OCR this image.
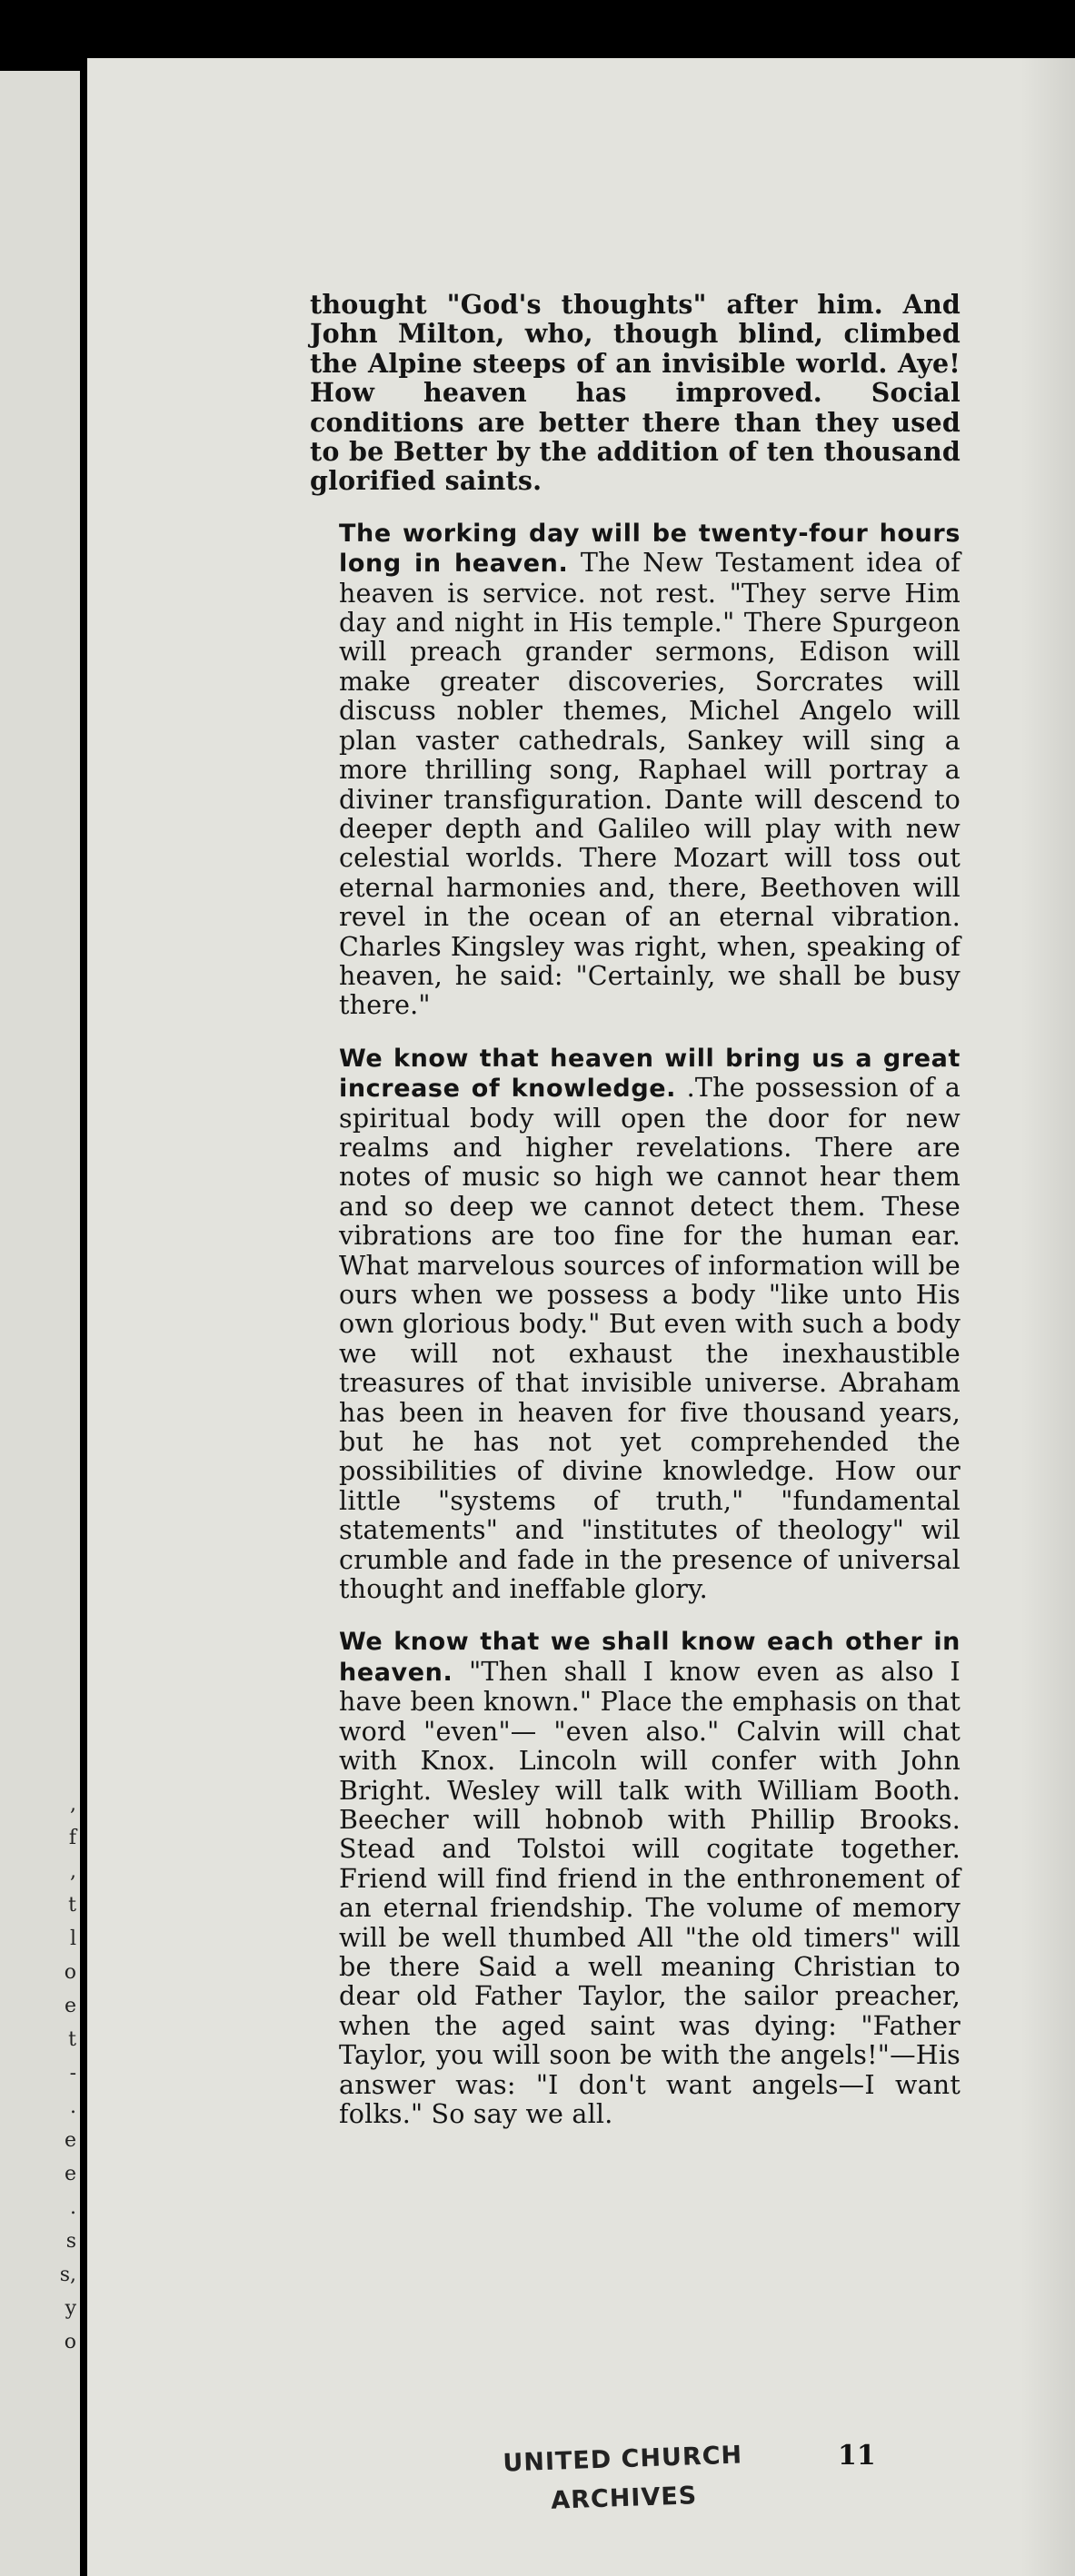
,
f
,
t
l
o
e
t
-
.
e
e
.
s
s,
y
o

thought "God's thoughts" after him. And John Milton, who, though blind, climbed the Alpine steeps of an invisible world. Aye! How heaven has improved. Social conditions are better there than they used to be Better by the addition of ten thousand glorified saints.

The working day will be twenty-four hours long in heaven. The New Testament idea of heaven is service. not rest. "They serve Him day and night in His temple." There Spurgeon will preach grander sermons, Edison will make greater discoveries, Sorcrates will discuss nobler themes, Michel Angelo will plan vaster cathedrals, Sankey will sing a more thrilling song, Raphael will portray a diviner transfiguration. Dante will descend to deeper depth and Galileo will play with new celestial worlds. There Mozart will toss out eternal harmonies and, there, Beethoven will revel in the ocean of an eternal vibration. Charles Kingsley was right, when, speaking of heaven, he said: "Certainly, we shall be busy there."

We know that heaven will bring us a great increase of knowledge. .The possession of a spiritual body will open the door for new realms and higher revelations. There are notes of music so high we cannot hear them and so deep we cannot detect them. These vibrations are too fine for the human ear. What marvelous sources of information will be ours when we possess a body "like unto His own glorious body." But even with such a body we will not exhaust the inexhaustible treasures of that invisible universe. Abraham has been in heaven for five thousand years, but he has not yet comprehended the possibilities of divine knowledge. How our little "systems of truth," "fundamental statements" and "institutes of theology" wil crumble and fade in the presence of universal thought and ineffable glory.

We know that we shall know each other in heaven. "Then shall I know even as also I have been known." Place the emphasis on that word "even"— "even also." Calvin will chat with Knox. Lincoln will confer with John Bright. Wesley will talk with William Booth. Beecher will hobnob with Phillip Brooks. Stead and Tolstoi will cogitate together. Friend will find friend in the enthronement of an eternal friendship. The volume of memory will be well thumbed All "the old timers" will be there Said a well meaning Christian to dear old Father Taylor, the sailor preacher, when the aged saint was dying: "Father Taylor, you will soon be with the angels!"—His answer was: "I don't want angels—I want folks." So say we all.

UNITED CHURCH
ARCHIVES
11
